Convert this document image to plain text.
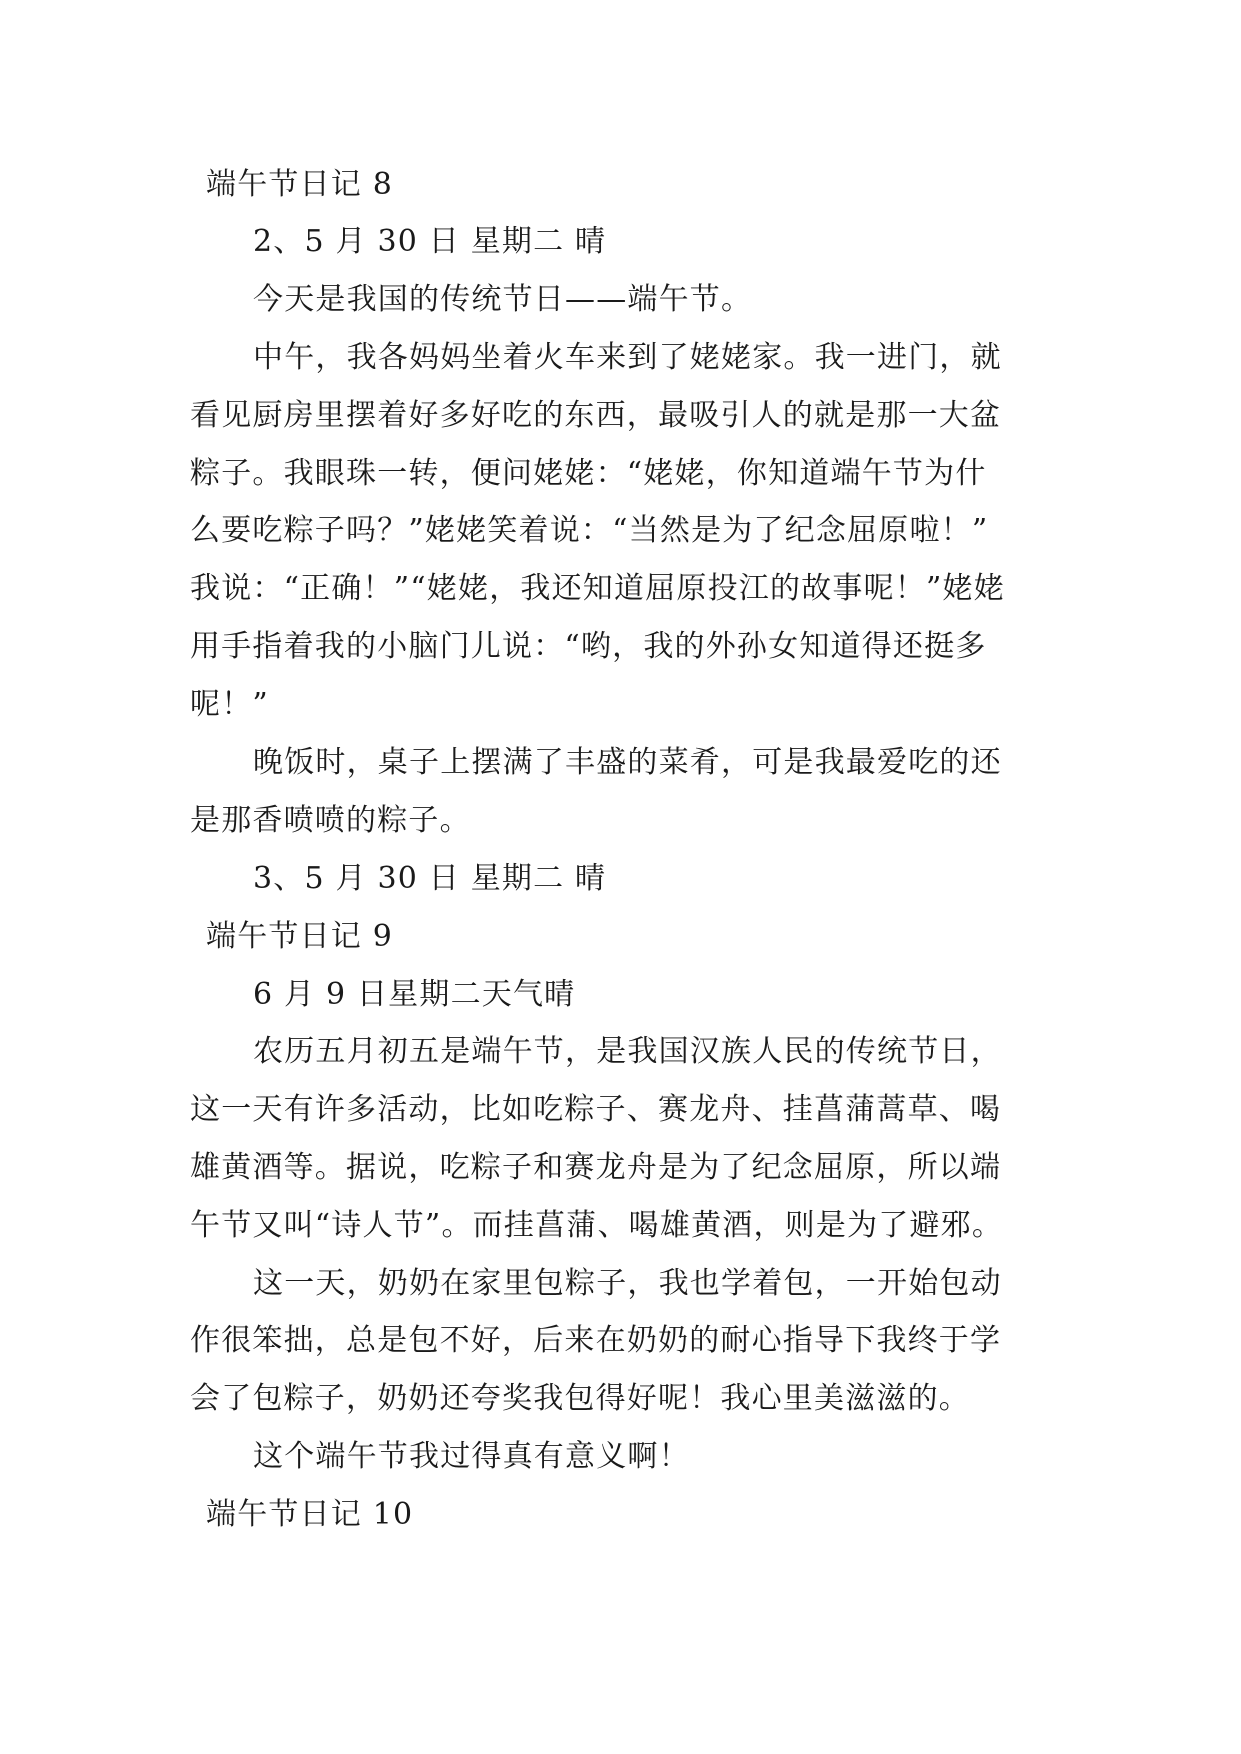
端午节日记 8
2、5 月 30 日 星期二 晴
今天是我国的传统节日——端午节。
中午，我各妈妈坐着火车来到了姥姥家。我一进门，就
看见厨房里摆着好多好吃的东西，最吸引人的就是那一大盆
粽子。我眼珠一转，便问姥姥：“姥姥，你知道端午节为什
么要吃粽子吗？”姥姥笑着说：“当然是为了纪念屈原啦！”
我说：“正确！”“姥姥，我还知道屈原投江的故事呢！”姥姥
用手指着我的小脑门儿说：“哟，我的外孙女知道得还挺多
呢！”
晚饭时，桌子上摆满了丰盛的菜肴，可是我最爱吃的还
是那香喷喷的粽子。
3、5 月 30 日 星期二 晴
端午节日记 9
6 月 9 日星期二天气晴
农历五月初五是端午节，是我国汉族人民的传统节日，
这一天有许多活动，比如吃粽子、赛龙舟、挂菖蒲蒿草、喝
雄黄酒等。据说，吃粽子和赛龙舟是为了纪念屈原，所以端
午节又叫“诗人节”。而挂菖蒲、喝雄黄酒，则是为了避邪。
这一天，奶奶在家里包粽子，我也学着包，一开始包动
作很笨拙，总是包不好，后来在奶奶的耐心指导下我终于学
会了包粽子，奶奶还夸奖我包得好呢！我心里美滋滋的。
这个端午节我过得真有意义啊！
端午节日记 10
